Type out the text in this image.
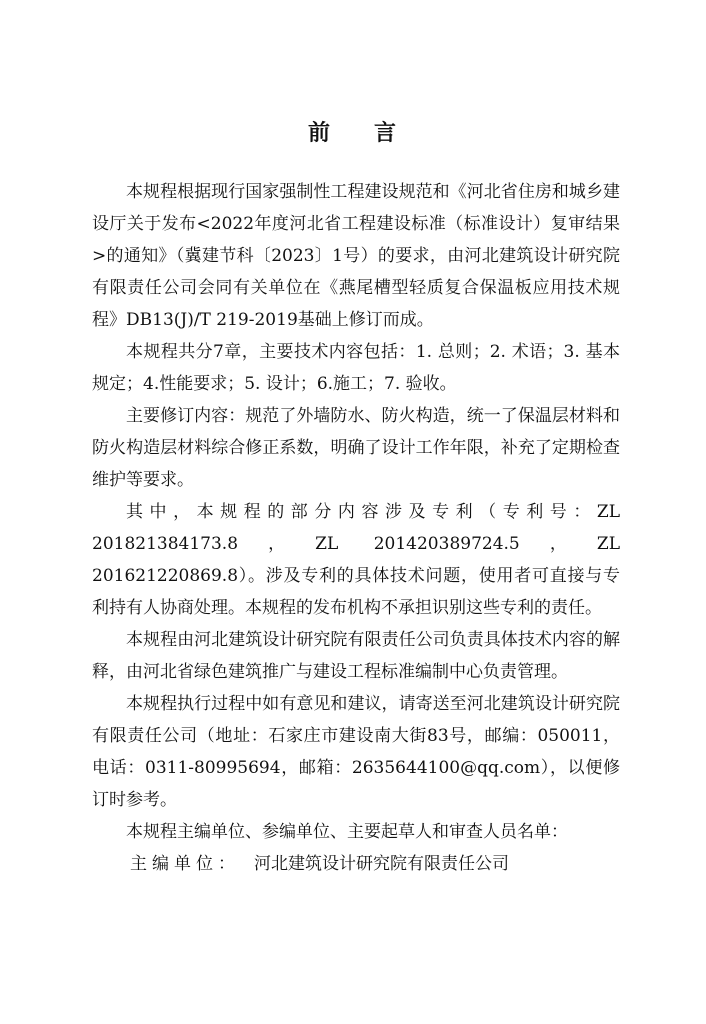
前 言

本规程根据现行国家强制性工程建设规范和《河北省住房和城乡建设厅关于发布<2022年度河北省工程建设标准（标准设计）复审结果>的通知》（冀建节科〔2023〕1号）的要求，由河北建筑设计研究院有限责任公司会同有关单位在《燕尾槽型轻质复合保温板应用技术规程》DB13(J)/T 219-2019基础上修订而成。

本规程共分7章，主要技术内容包括：1. 总则；2. 术语；3. 基本规定；4.性能要求；5. 设计；6.施工；7. 验收。

主要修订内容：规范了外墙防水、防火构造，统一了保温层材料和防火构造层材料综合修正系数，明确了设计工作年限，补充了定期检查维护等要求。

其中，本规程的部分内容涉及专利（专利号：ZL 201821384173.8，ZL 201420389724.5，ZL 201621220869.8）。涉及专利的具体技术问题，使用者可直接与专利持有人协商处理。本规程的发布机构不承担识别这些专利的责任。

本规程由河北建筑设计研究院有限责任公司负责具体技术内容的解释，由河北省绿色建筑推广与建设工程标准编制中心负责管理。

本规程执行过程中如有意见和建议，请寄送至河北建筑设计研究院有限责任公司（地址：石家庄市建设南大街83号，邮编：050011，电话：0311-80995694，邮箱：2635644100@qq.com），以便修订时参考。

本规程主编单位、参编单位、主要起草人和审查人员名单：

主编单位： 河北建筑设计研究院有限责任公司
